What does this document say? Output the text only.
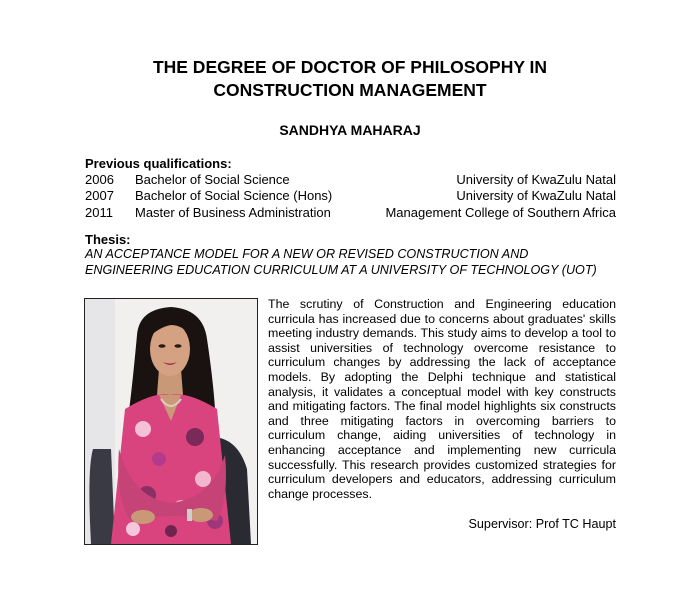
THE DEGREE OF DOCTOR OF PHILOSOPHY IN
CONSTRUCTION MANAGEMENT
SANDHYA MAHARAJ
Previous qualifications:
2006 Bachelor of Social Science	University of KwaZulu Natal
2007 Bachelor of Social Science (Hons)	University of KwaZulu Natal
2011 Master of Business Administration	Management College of Southern Africa
Thesis:
AN ACCEPTANCE MODEL FOR A NEW OR REVISED CONSTRUCTION AND
ENGINEERING EDUCATION CURRICULUM AT A UNIVERSITY OF TECHNOLOGY (UOT)
The scrutiny of Construction and Engineering education curricula has increased due to concerns about graduates' skills meeting industry demands. This study aims to develop a tool to assist universities of technology overcome resistance to curriculum changes by addressing the lack of acceptance models. By adopting the Delphi technique and statistical analysis, it validates a conceptual model with key constructs and mitigating factors. The final model highlights six constructs and three mitigating factors in overcoming barriers to curriculum change, aiding universities of technology in enhancing acceptance and implementing new curricula successfully. This research provides customized strategies for curriculum developers and educators, addressing curriculum change processes.
Supervisor: Prof TC Haupt
